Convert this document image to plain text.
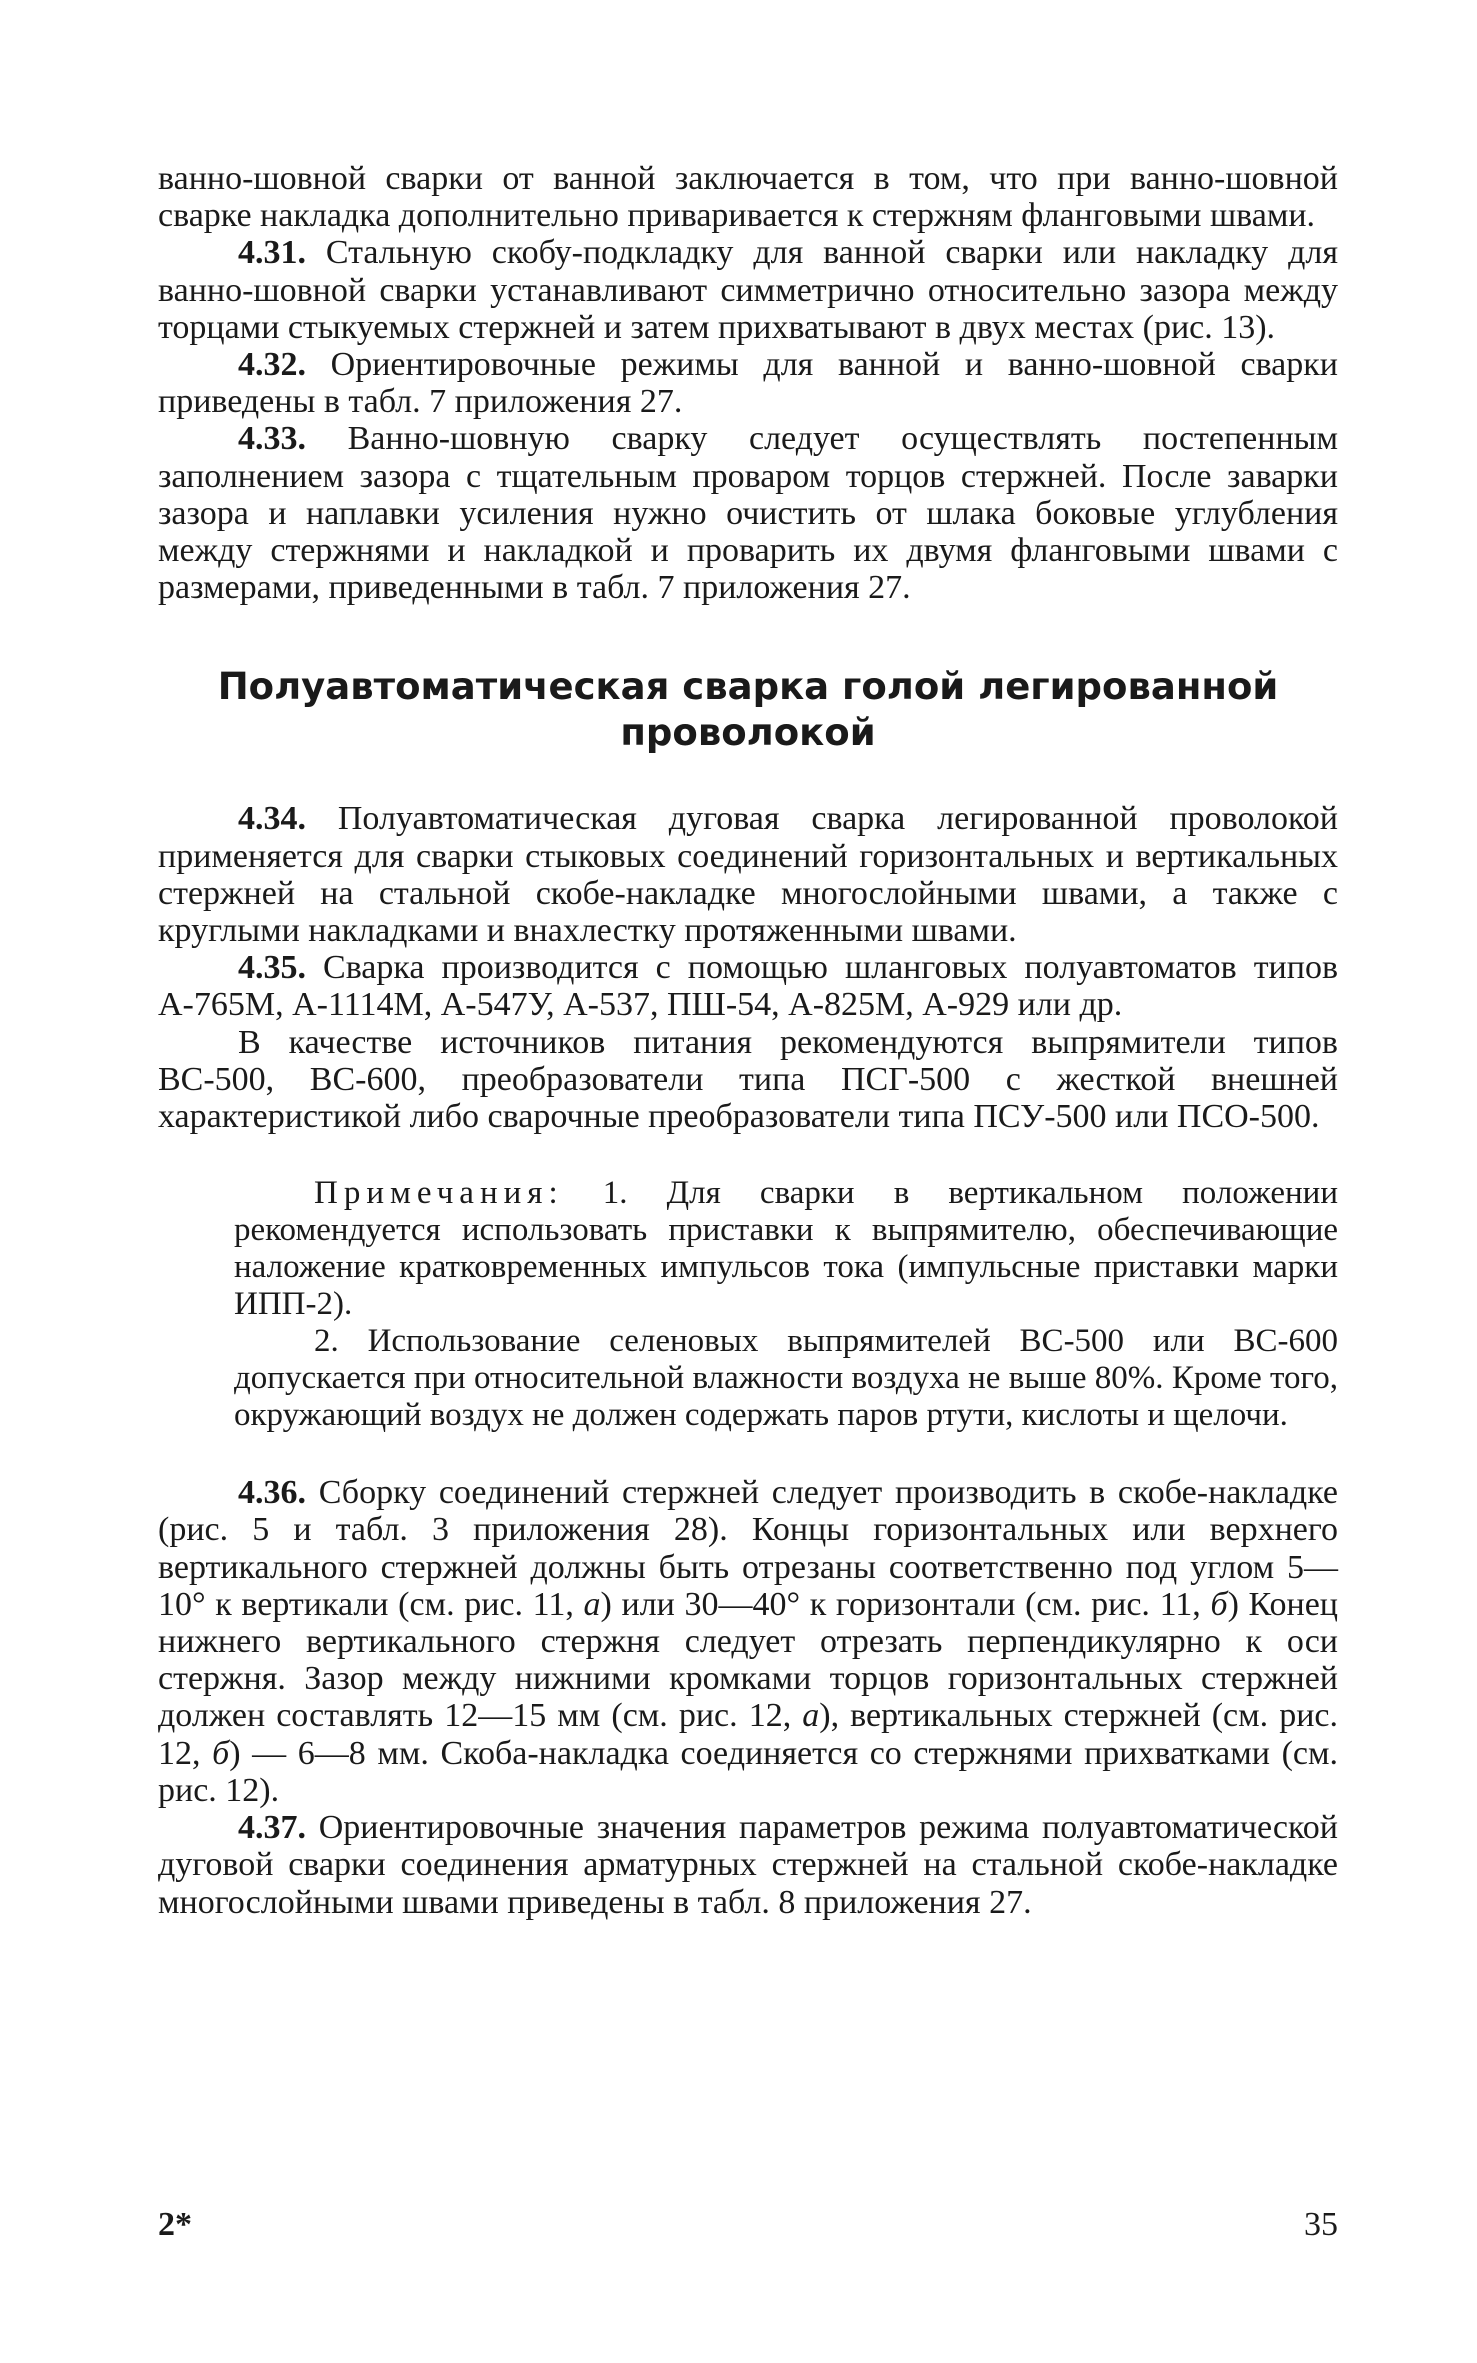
ванно-шовной сварки от ванной заключается в том, что при ванно-шовной сварке накладка дополнительно приваривается к стержням фланговыми швами.

4.31. Стальную скобу-подкладку для ванной сварки или накладку для ванно-шовной сварки устанавливают симметрично относительно зазора между торцами стыкуемых стержней и затем прихватывают в двух местах (рис. 13).

4.32. Ориентировочные режимы для ванной и ванно-шовной сварки приведены в табл. 7 приложения 27.

4.33. Ванно-шовную сварку следует осуществлять постепенным заполнением зазора с тщательным проваром торцов стержней. После заварки зазора и наплавки усиления нужно очистить от шлака боковые углубления между стержнями и накладкой и проварить их двумя фланговыми швами с размерами, приведенными в табл. 7 приложения 27.

Полуавтоматическая сварка голой легированной
проволокой

4.34. Полуавтоматическая дуговая сварка легированной проволокой применяется для сварки стыковых соединений горизонтальных и вертикальных стержней на стальной скобе-накладке многослойными швами, а также с круглыми накладками и внахлестку протяженными швами.

4.35. Сварка производится с помощью шланговых полуавтоматов типов А-765М, А-1114М, А-547У, А-537, ПШ-54, А-825М, А-929 или др.

В качестве источников питания рекомендуются выпрямители типов ВС-500, ВС-600, преобразователи типа ПСГ-500 с жесткой внешней характеристикой либо сварочные преобразователи типа ПСУ-500 или ПСО-500.

Примечания: 1. Для сварки в вертикальном положении рекомендуется использовать приставки к выпрямителю, обеспечивающие наложение кратковременных импульсов тока (импульсные приставки марки ИПП-2).

2. Использование селеновых выпрямителей ВС-500 или ВС-600 допускается при относительной влажности воздуха не выше 80%. Кроме того, окружающий воздух не должен содержать паров ртути, кислоты и щелочи.

4.36. Сборку соединений стержней следует производить в скобе-накладке (рис. 5 и табл. 3 приложения 28). Концы горизонтальных или верхнего вертикального стержней должны быть отрезаны соответственно под углом 5—10° к вертикали (см. рис. 11, а) или 30—40° к горизонтали (см. рис. 11, б) Конец нижнего вертикального стержня следует отрезать перпендикулярно к оси стержня. Зазор между нижними кромками торцов горизонтальных стержней должен составлять 12—15 мм (см. рис. 12, а), вертикальных стержней (см. рис. 12, б) — 6—8 мм. Скоба-накладка соединяется со стержнями прихватками (см. рис. 12).

4.37. Ориентировочные значения параметров режима полуавтоматической дуговой сварки соединения арматурных стержней на стальной скобе-накладке многослойными швами приведены в табл. 8 приложения 27.

2*	35
